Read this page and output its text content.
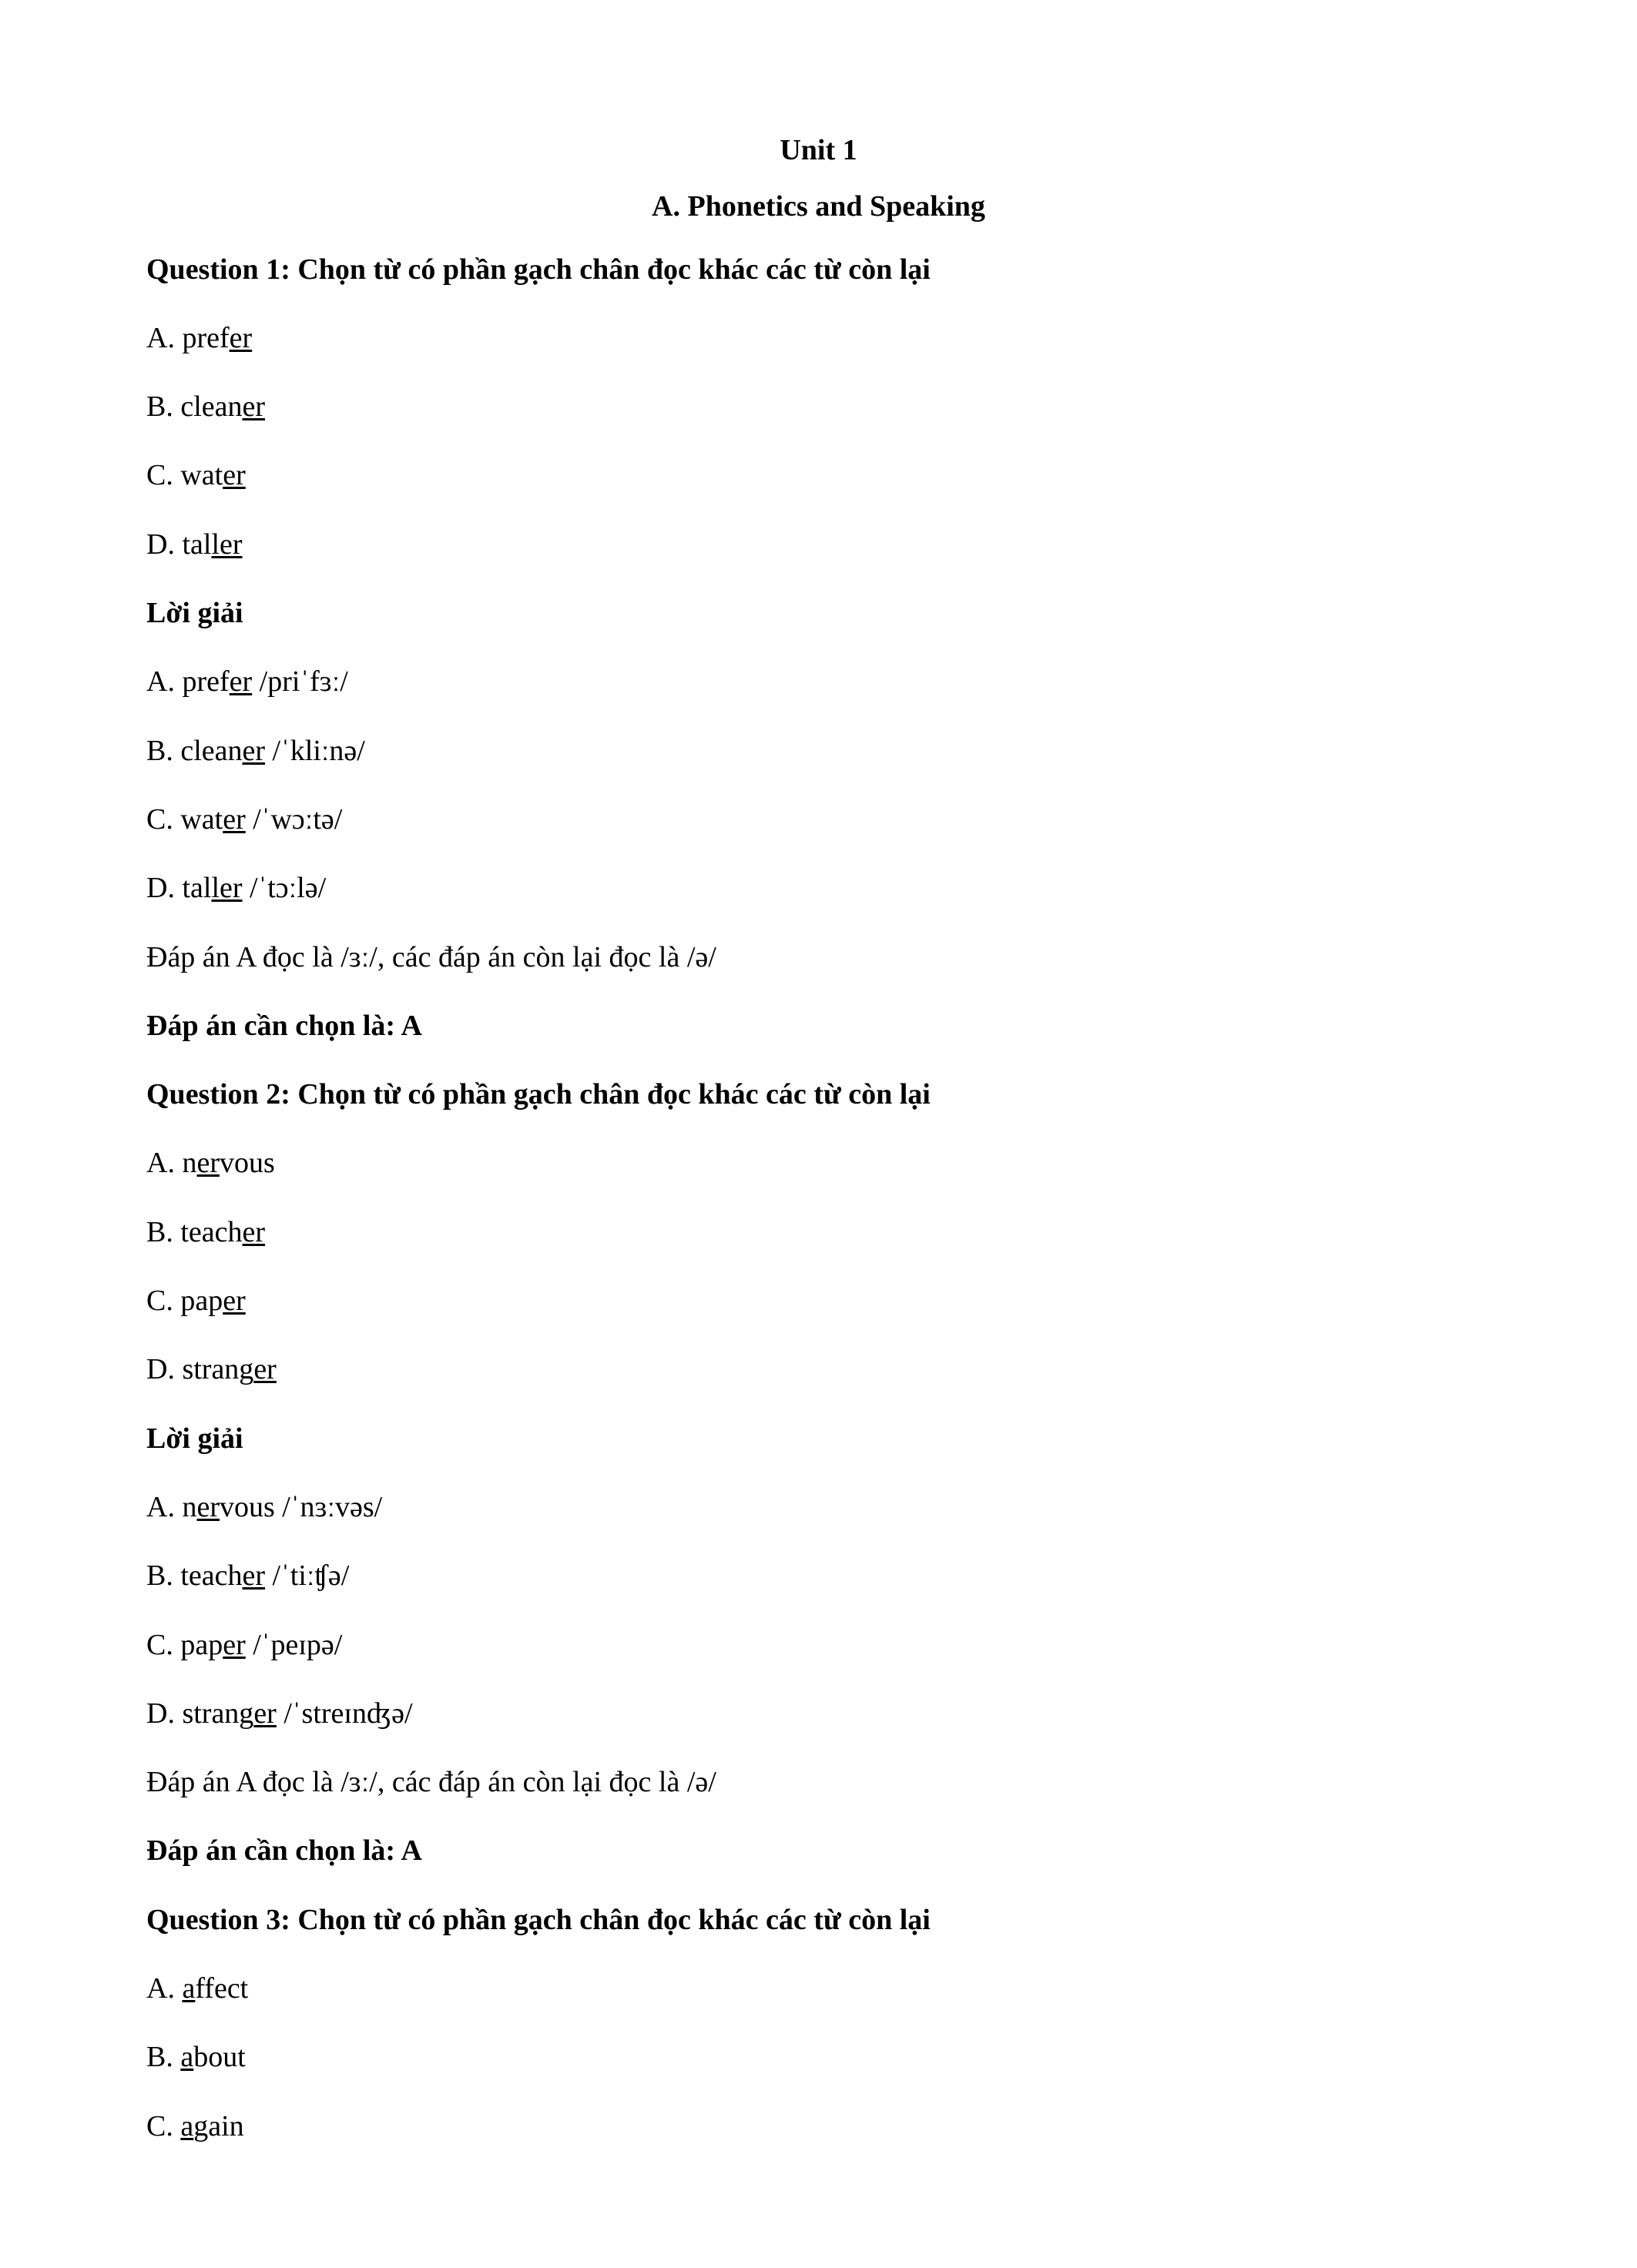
Unit 1
A. Phonetics and Speaking
Question 1: Chọn từ có phần gạch chân đọc khác các từ còn lại
A. prefer
B. cleaner
C. water
D. taller
Lời giải
A. prefer /priˈfɜː/
B. cleaner /ˈkliːnə/
C. water /ˈwɔːtə/
D. taller /ˈtɔːlə/
Đáp án A đọc là /ɜː/, các đáp án còn lại đọc là /ə/
Đáp án cần chọn là: A
Question 2: Chọn từ có phần gạch chân đọc khác các từ còn lại
A. nervous
B. teacher
C. paper
D. stranger
Lời giải
A. nervous /ˈnɜːvəs/
B. teacher /ˈtiːʧə/
C. paper /ˈpeɪpə/
D. stranger /ˈstreɪnʤə/
Đáp án A đọc là /ɜː/, các đáp án còn lại đọc là /ə/
Đáp án cần chọn là: A
Question 3: Chọn từ có phần gạch chân đọc khác các từ còn lại
A. affect
B. about
C. again
